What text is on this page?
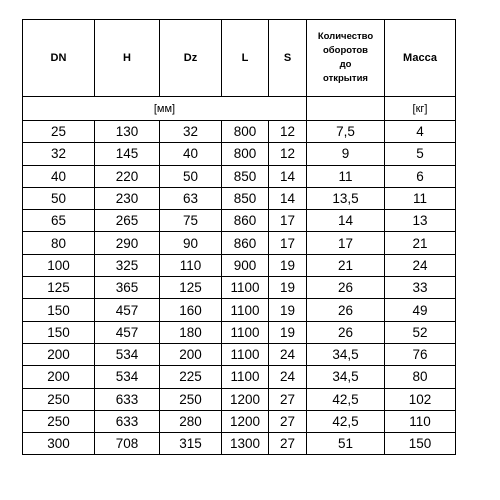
DN	H	Dz	L	S	Количество
оборотов
до
открытия	Масса
[мм]						[кг]
25	130	32	800	12	7,5	4
32	145	40	800	12	9	5
40	220	50	850	14	11	6
50	230	63	850	14	13,5	11
65	265	75	860	17	14	13
80	290	90	860	17	17	21
100	325	110	900	19	21	24
125	365	125	1100	19	26	33
150	457	160	1100	19	26	49
150	457	180	1100	19	26	52
200	534	200	1100	24	34,5	76
200	534	225	1100	24	34,5	80
250	633	250	1200	27	42,5	102
250	633	280	1200	27	42,5	110
300	708	315	1300	27	51	150
